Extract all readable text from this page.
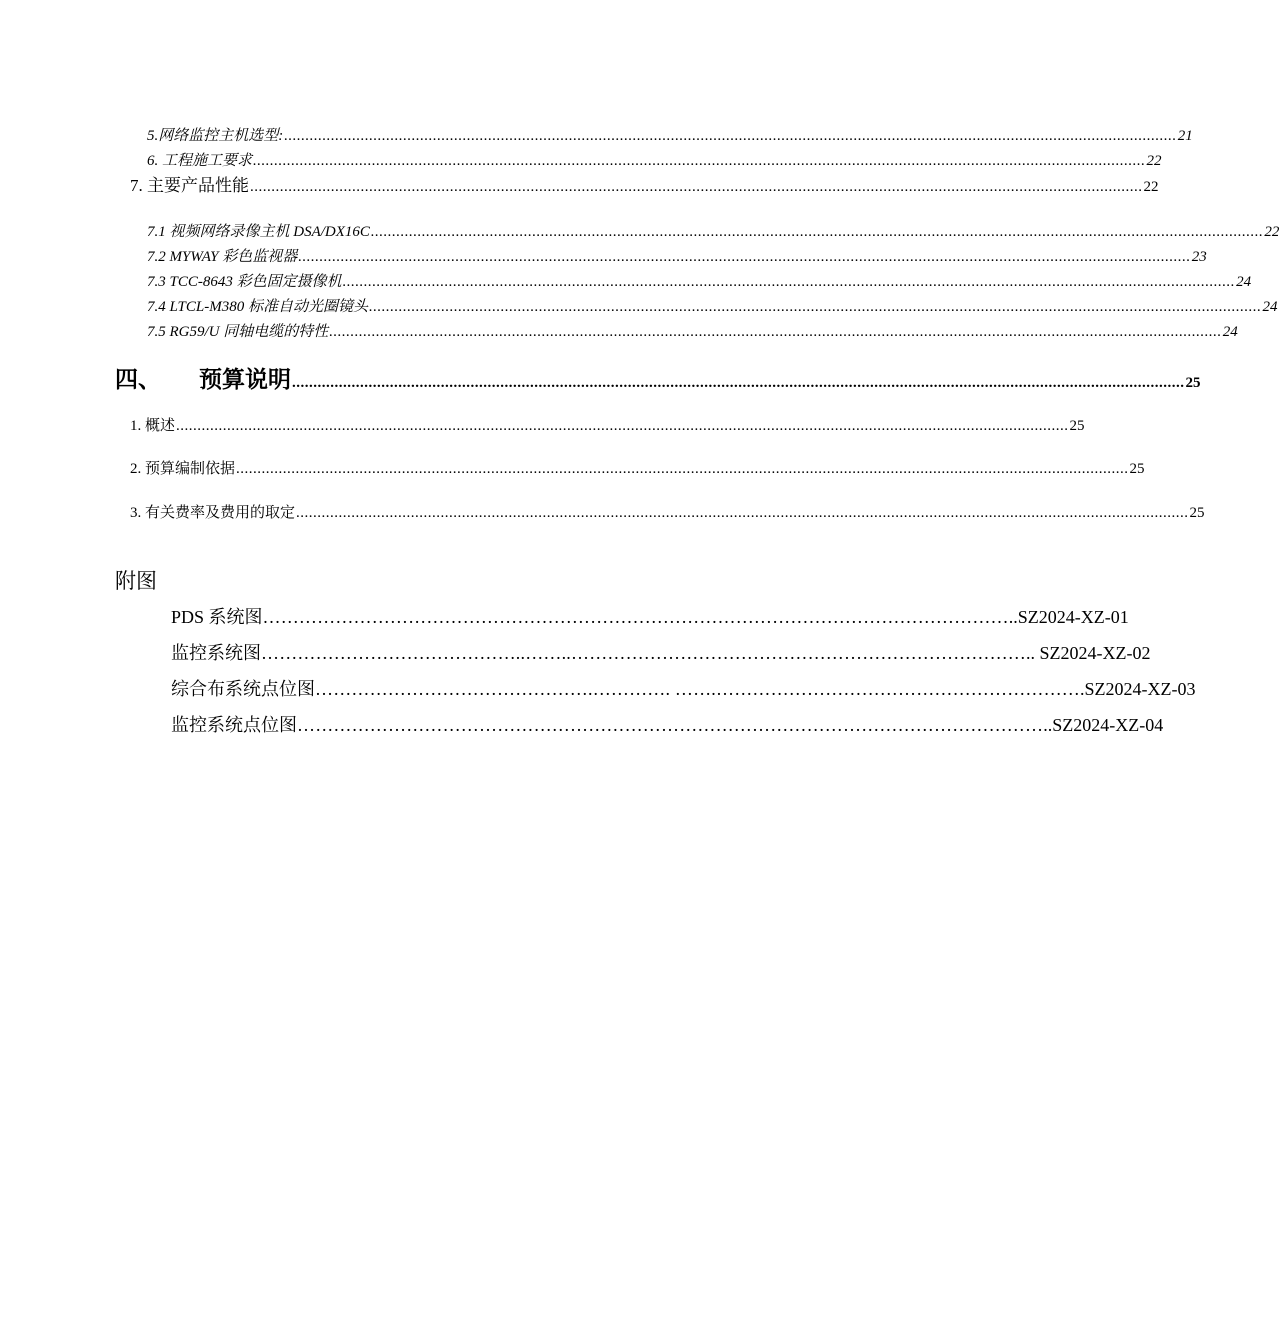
5.网络监控主机选型: .................................................................................................................................................................................................................. 21
6. 工程施工要求 .................................................................................................................................................................................................................. 22
7. 主要产品性能 .................................................................................................................................................................................................................. 22
7.1 视频网络录像主机 DSA/DX16C .................................................................................................................................................................................................................. 22
7.2 MYWAY 彩色监视器 .................................................................................................................................................................................................................. 23
7.3 TCC-8643 彩色固定摄像机 .................................................................................................................................................................................................................. 24
7.4 LTCL-M380 标准自动光圈镜头 .................................................................................................................................................................................................................. 24
7.5 RG59/U 同轴电缆的特性 .................................................................................................................................................................................................................. 24
四、	预算说明 .................................................................................................................................................................................................................. 25
1. 概述 .................................................................................................................................................................................................................. 25
2. 预算编制依据 .................................................................................................................................................................................................................. 25
3. 有关费率及费用的取定 .................................................................................................................................................................................................................. 25
附图
PDS 系统图 …………………………………………………………………………………………………………… ..SZ2024-XZ-01
监控系统图 ……………………………………..……..………………………………………………………………… .. SZ2024-XZ-02
综合布系统点位图 ……………………………………….…………. …….…………………………………………………… .SZ2024-XZ-03
监控系统点位图 …………………………………………………………………………………………………………… ..SZ2024-XZ-04
